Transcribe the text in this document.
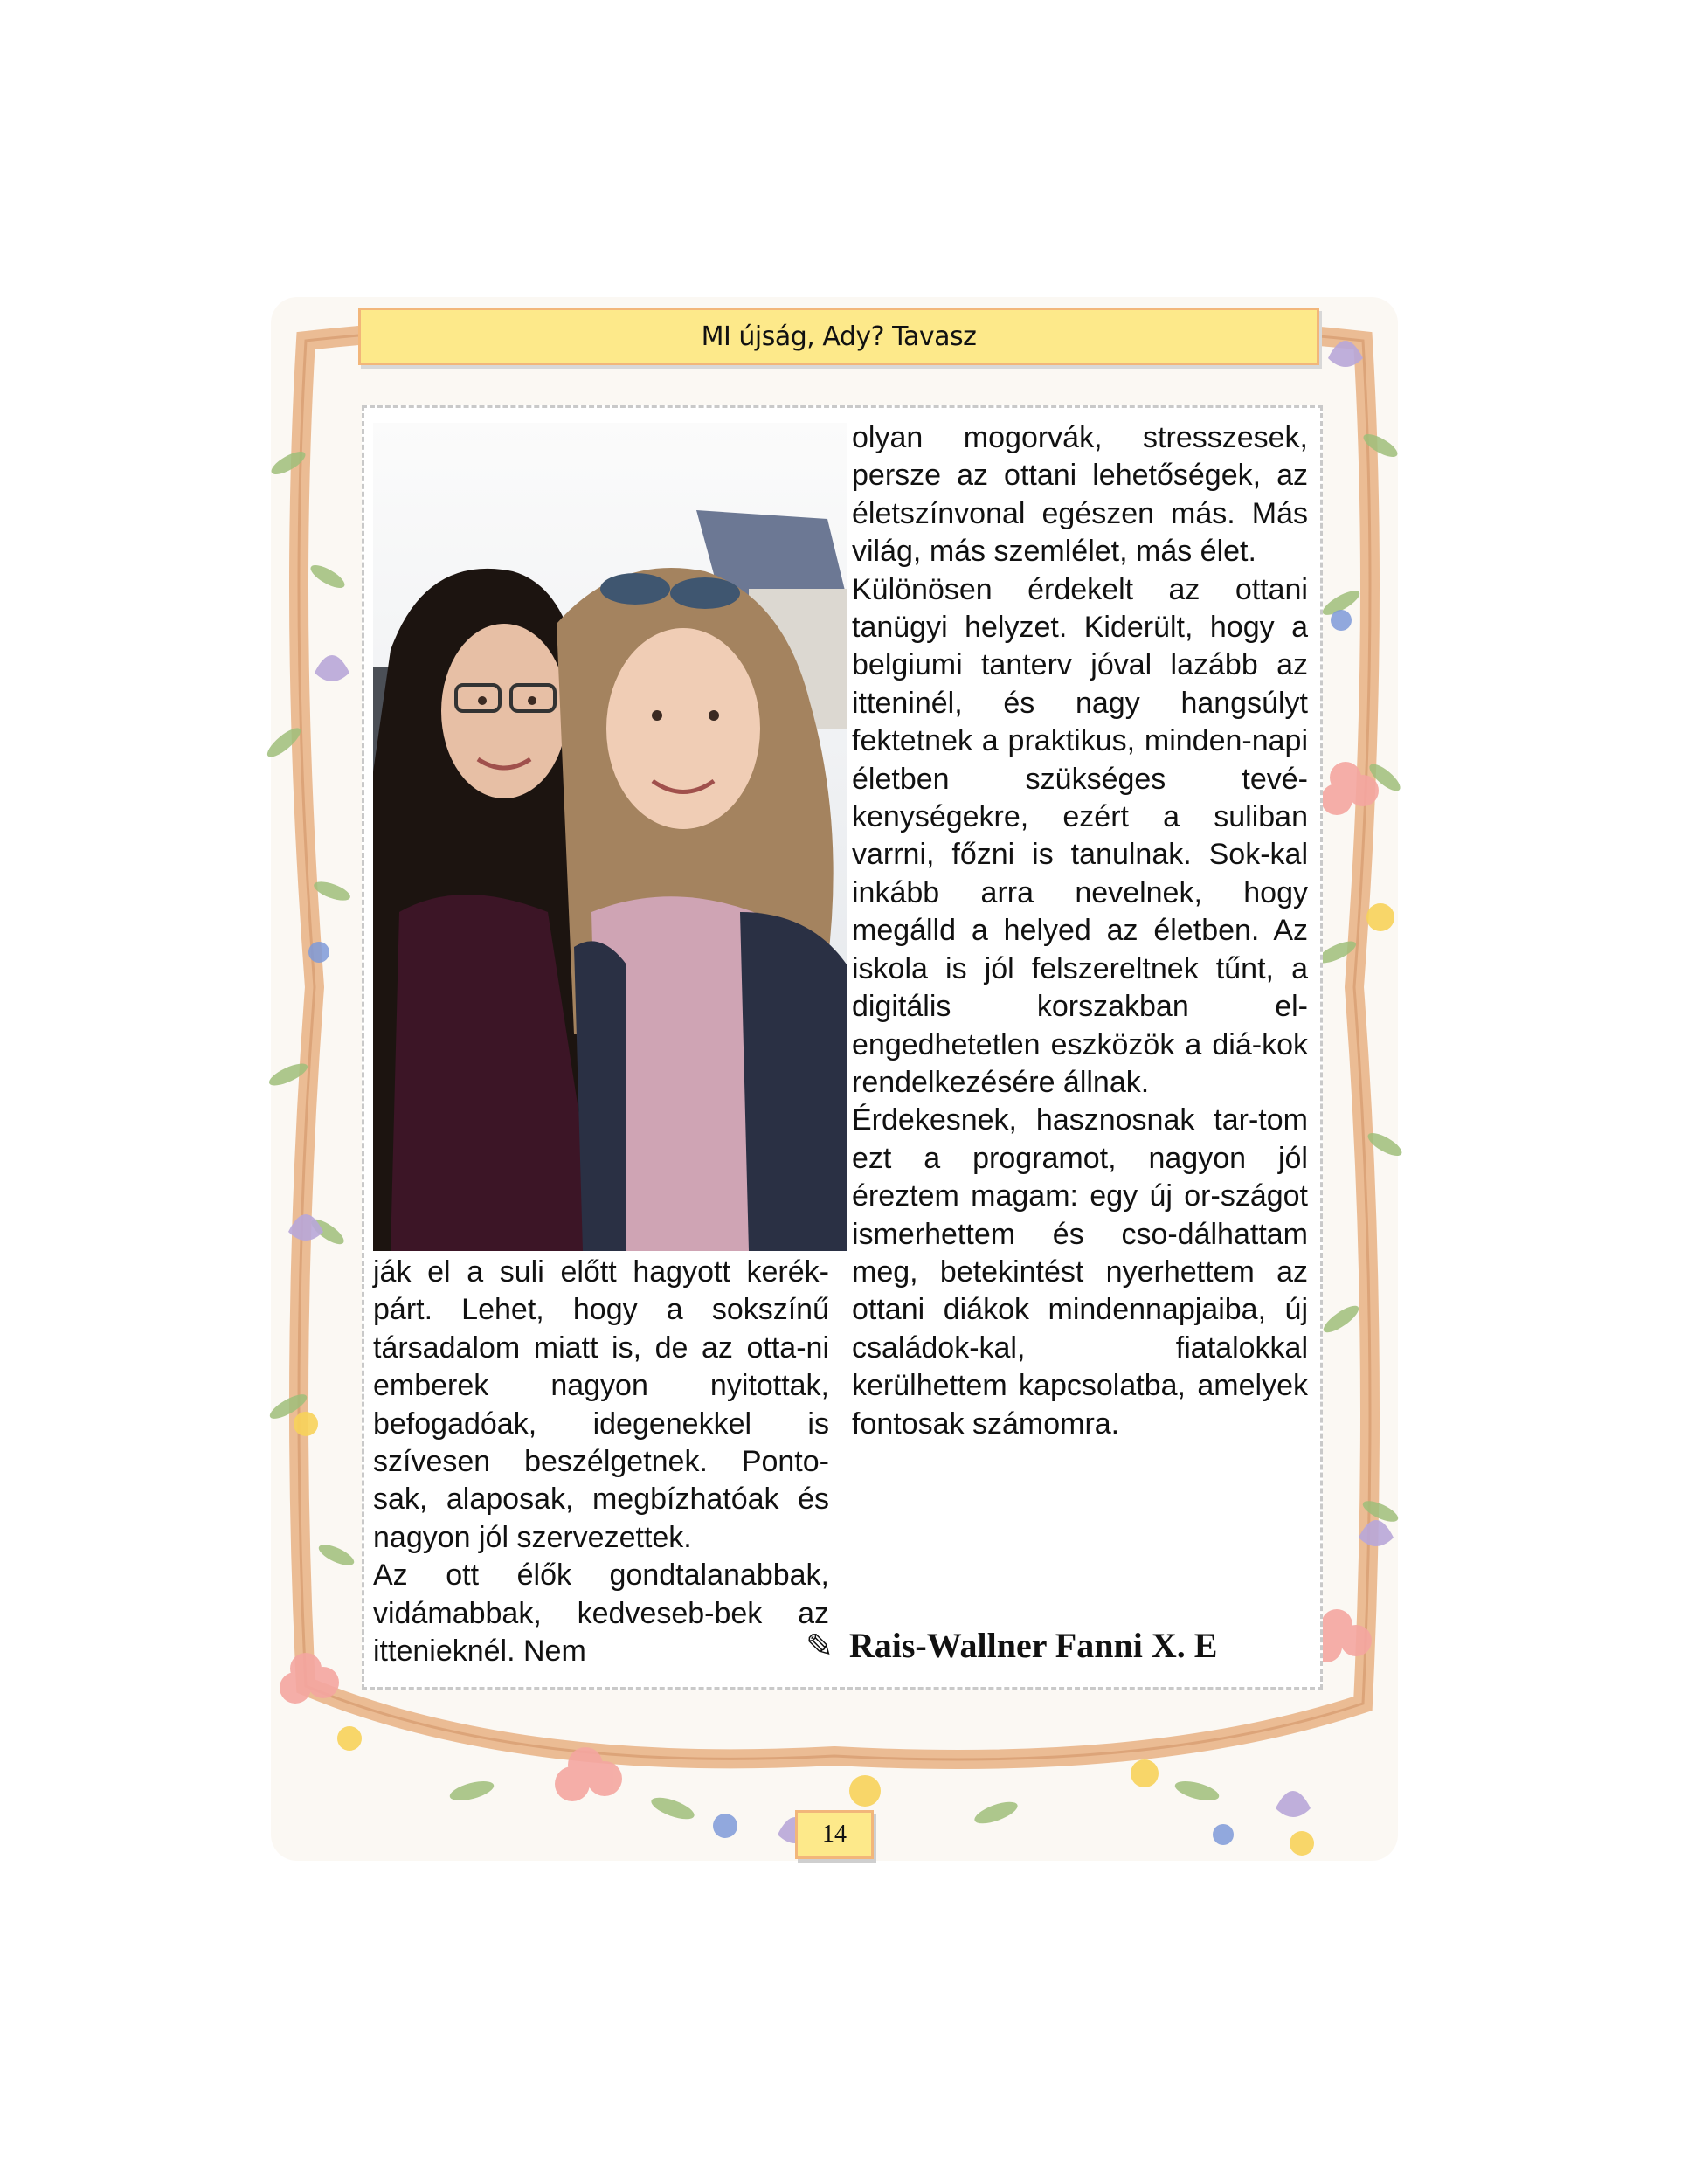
MI újság, Ady? Tavasz

olyan mogorvák, stresszesek, persze az ottani lehetőségek, az életszínvonal egészen más. Más világ, más szemlélet, más élet.

Különösen érdekelt az ottani tanügyi helyzet. Kiderült, hogy a belgiumi tanterv jóval lazább az itteninél, és nagy hangsúlyt fektetnek a praktikus, minden-napi életben szükséges tevé-kenységekre, ezért a suliban varrni, főzni is tanulnak. Sok-kal inkább arra nevelnek, hogy megálld a helyed az életben. Az iskola is jól felszereltnek tűnt, a digitális korszakban el-engedhetetlen eszközök a diá-kok rendelkezésére állnak.

Érdekesnek, hasznosnak tar-tom ezt a programot, nagyon jól éreztem magam: egy új or-szágot ismerhettem és cso-dálhattam meg, betekintést nyerhettem az ottani diákok mindennapjaiba, új családok-kal, fiatalokkal kerülhettem kapcsolatba, amelyek fontosak számomra.

ják el a suli előtt hagyott kerék-párt. Lehet, hogy a sokszínű társadalom miatt is, de az otta-ni emberek nagyon nyitottak, befogadóak, idegenekkel is szívesen beszélgetnek. Ponto-sak, alaposak, megbízhatóak és nagyon jól szervezettek.

Az ott élők gondtalanabbak, vidámabbak, kedveseb-bek az ittenieknél. Nem	✎ Rais-Wallner Fanni X. E
14
